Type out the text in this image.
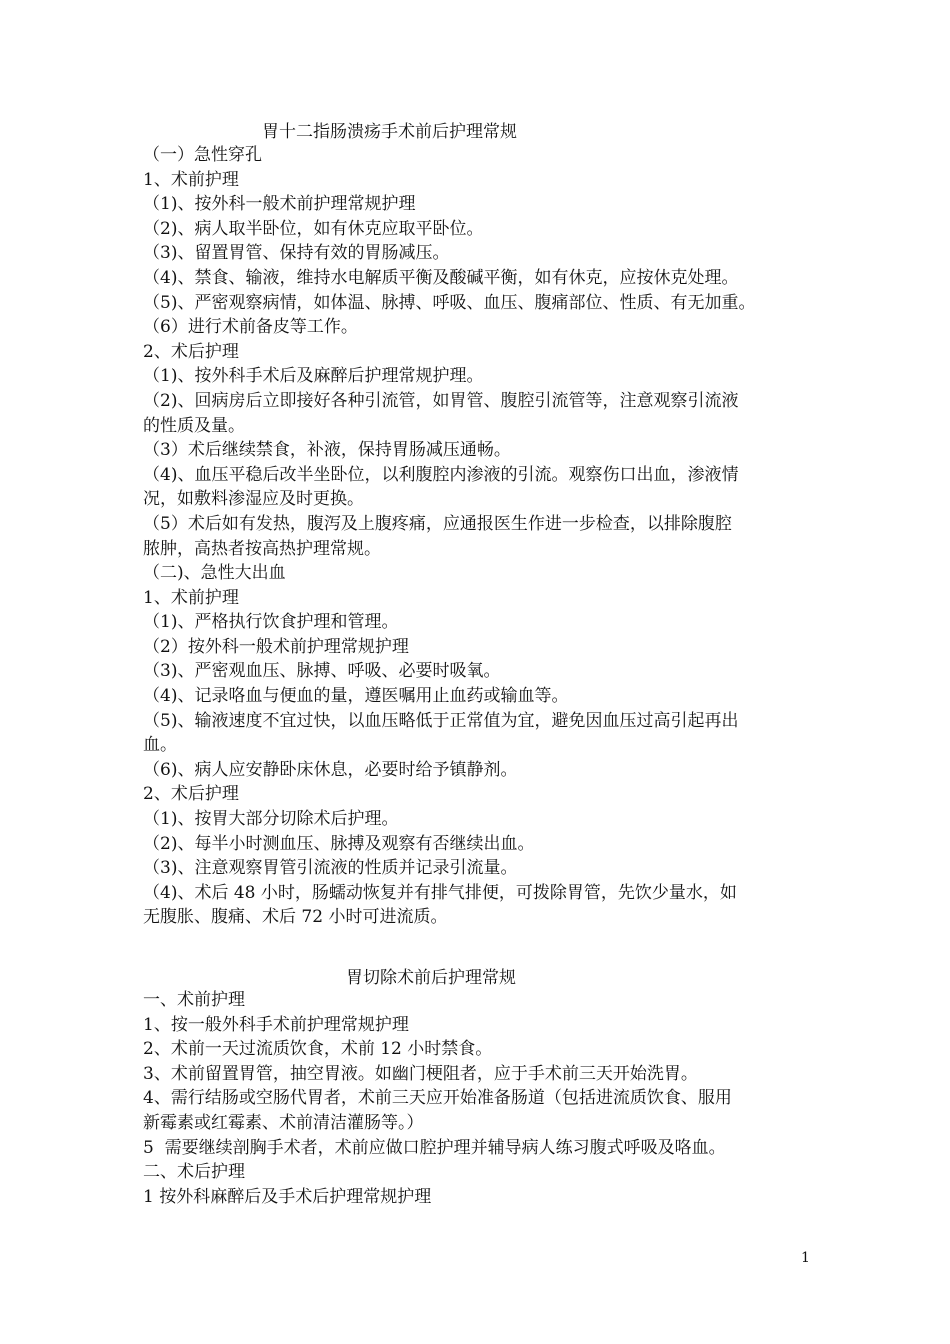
胃十二指肠溃疡手术前后护理常规

（一）急性穿孔

1、术前护理

（1)、按外科一般术前护理常规护理

（2)、病人取半卧位，如有休克应取平卧位。

（3)、留置胃管、保持有效的胃肠减压。

（4)、禁食、输液，维持水电解质平衡及酸碱平衡，如有休克，应按休克处理。

（5)、严密观察病情，如体温、脉搏、呼吸、血压、腹痛部位、性质、有无加重。

（6）进行术前备皮等工作。

2、术后护理

（1)、按外科手术后及麻醉后护理常规护理。

（2)、回病房后立即接好各种引流管，如胃管、腹腔引流管等，注意观察引流液

的性质及量。

（3）术后继续禁食，补液，保持胃肠减压通畅。

（4)、血压平稳后改半坐卧位，以利腹腔内渗液的引流。观察伤口出血，渗液情

况，如敷料渗湿应及时更换。

（5）术后如有发热，腹泻及上腹疼痛，应通报医生作进一步检查，以排除腹腔

脓肿，高热者按高热护理常规。

（二)、急性大出血

1、术前护理

（1)、严格执行饮食护理和管理。

（2）按外科一般术前护理常规护理

（3)、严密观血压、脉搏、呼吸、必要时吸氧。

（4)、记录咯血与便血的量，遵医嘱用止血药或输血等。

（5)、输液速度不宜过快，以血压略低于正常值为宜，避免因血压过高引起再出

血。

（6)、病人应安静卧床休息，必要时给予镇静剂。

2、术后护理

（1)、按胃大部分切除术后护理。

（2)、每半小时测血压、脉搏及观察有否继续出血。

（3)、注意观察胃管引流液的性质并记录引流量。

（4)、术后 48 小时，肠蠕动恢复并有排气排便，可拨除胃管，先饮少量水，如

无腹胀、腹痛、术后 72 小时可进流质。

胃切除术前后护理常规

一、术前护理

1、按一般外科手术前护理常规护理

2、术前一天过流质饮食，术前 12 小时禁食。

3、术前留置胃管，抽空胃液。如幽门梗阻者，应于手术前三天开始洗胃。

4、需行结肠或空肠代胃者，术前三天应开始准备肠道（包括进流质饮食、服用

新霉素或红霉素、术前清洁灌肠等。）

5  需要继续剖胸手术者，术前应做口腔护理并辅导病人练习腹式呼吸及咯血。

二、术后护理

1 按外科麻醉后及手术后护理常规护理

1
